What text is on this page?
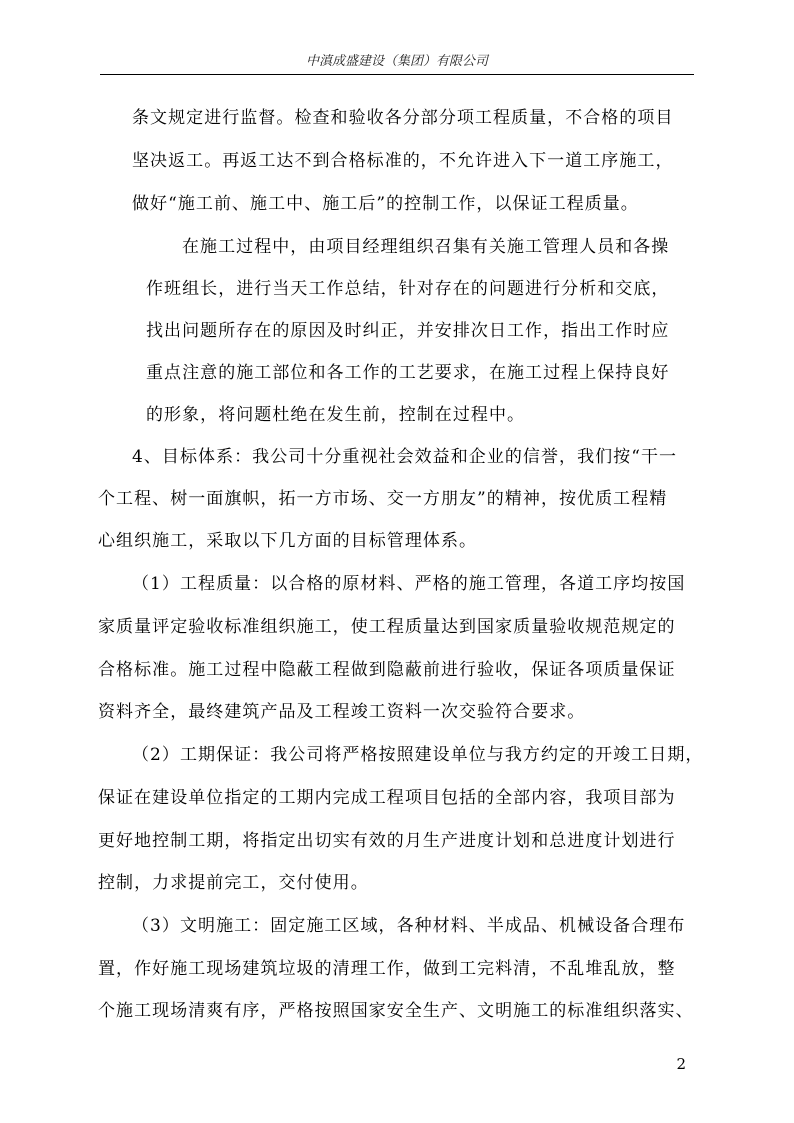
中滇成盛建设（集团）有限公司
条文规定进行监督。检查和验收各分部分项工程质量，不合格的项目
坚决返工。再返工达不到合格标准的，不允许进入下一道工序施工，
做好“施工前、施工中、施工后”的控制工作，以保证工程质量。
在施工过程中，由项目经理组织召集有关施工管理人员和各操
作班组长，进行当天工作总结，针对存在的问题进行分析和交底，
找出问题所存在的原因及时纠正，并安排次日工作，指出工作时应
重点注意的施工部位和各工作的工艺要求，在施工过程上保持良好
的形象，将问题杜绝在发生前，控制在过程中。
4、目标体系：我公司十分重视社会效益和企业的信誉，我们按“干一
个工程、树一面旗帜，拓一方市场、交一方朋友”的精神，按优质工程精
心组织施工，采取以下几方面的目标管理体系。
（1）工程质量：以合格的原材料、严格的施工管理，各道工序均按国
家质量评定验收标准组织施工，使工程质量达到国家质量验收规范规定的
合格标准。施工过程中隐蔽工程做到隐蔽前进行验收，保证各项质量保证
资料齐全，最终建筑产品及工程竣工资料一次交验符合要求。
（2）工期保证：我公司将严格按照建设单位与我方约定的开竣工日期，
保证在建设单位指定的工期内完成工程项目包括的全部内容，我项目部为
更好地控制工期，将指定出切实有效的月生产进度计划和总进度计划进行
控制，力求提前完工，交付使用。
（3）文明施工：固定施工区域，各种材料、半成品、机械设备合理布
置，作好施工现场建筑垃圾的清理工作，做到工完料清，不乱堆乱放，整
个施工现场清爽有序，严格按照国家安全生产、文明施工的标准组织落实、
2
